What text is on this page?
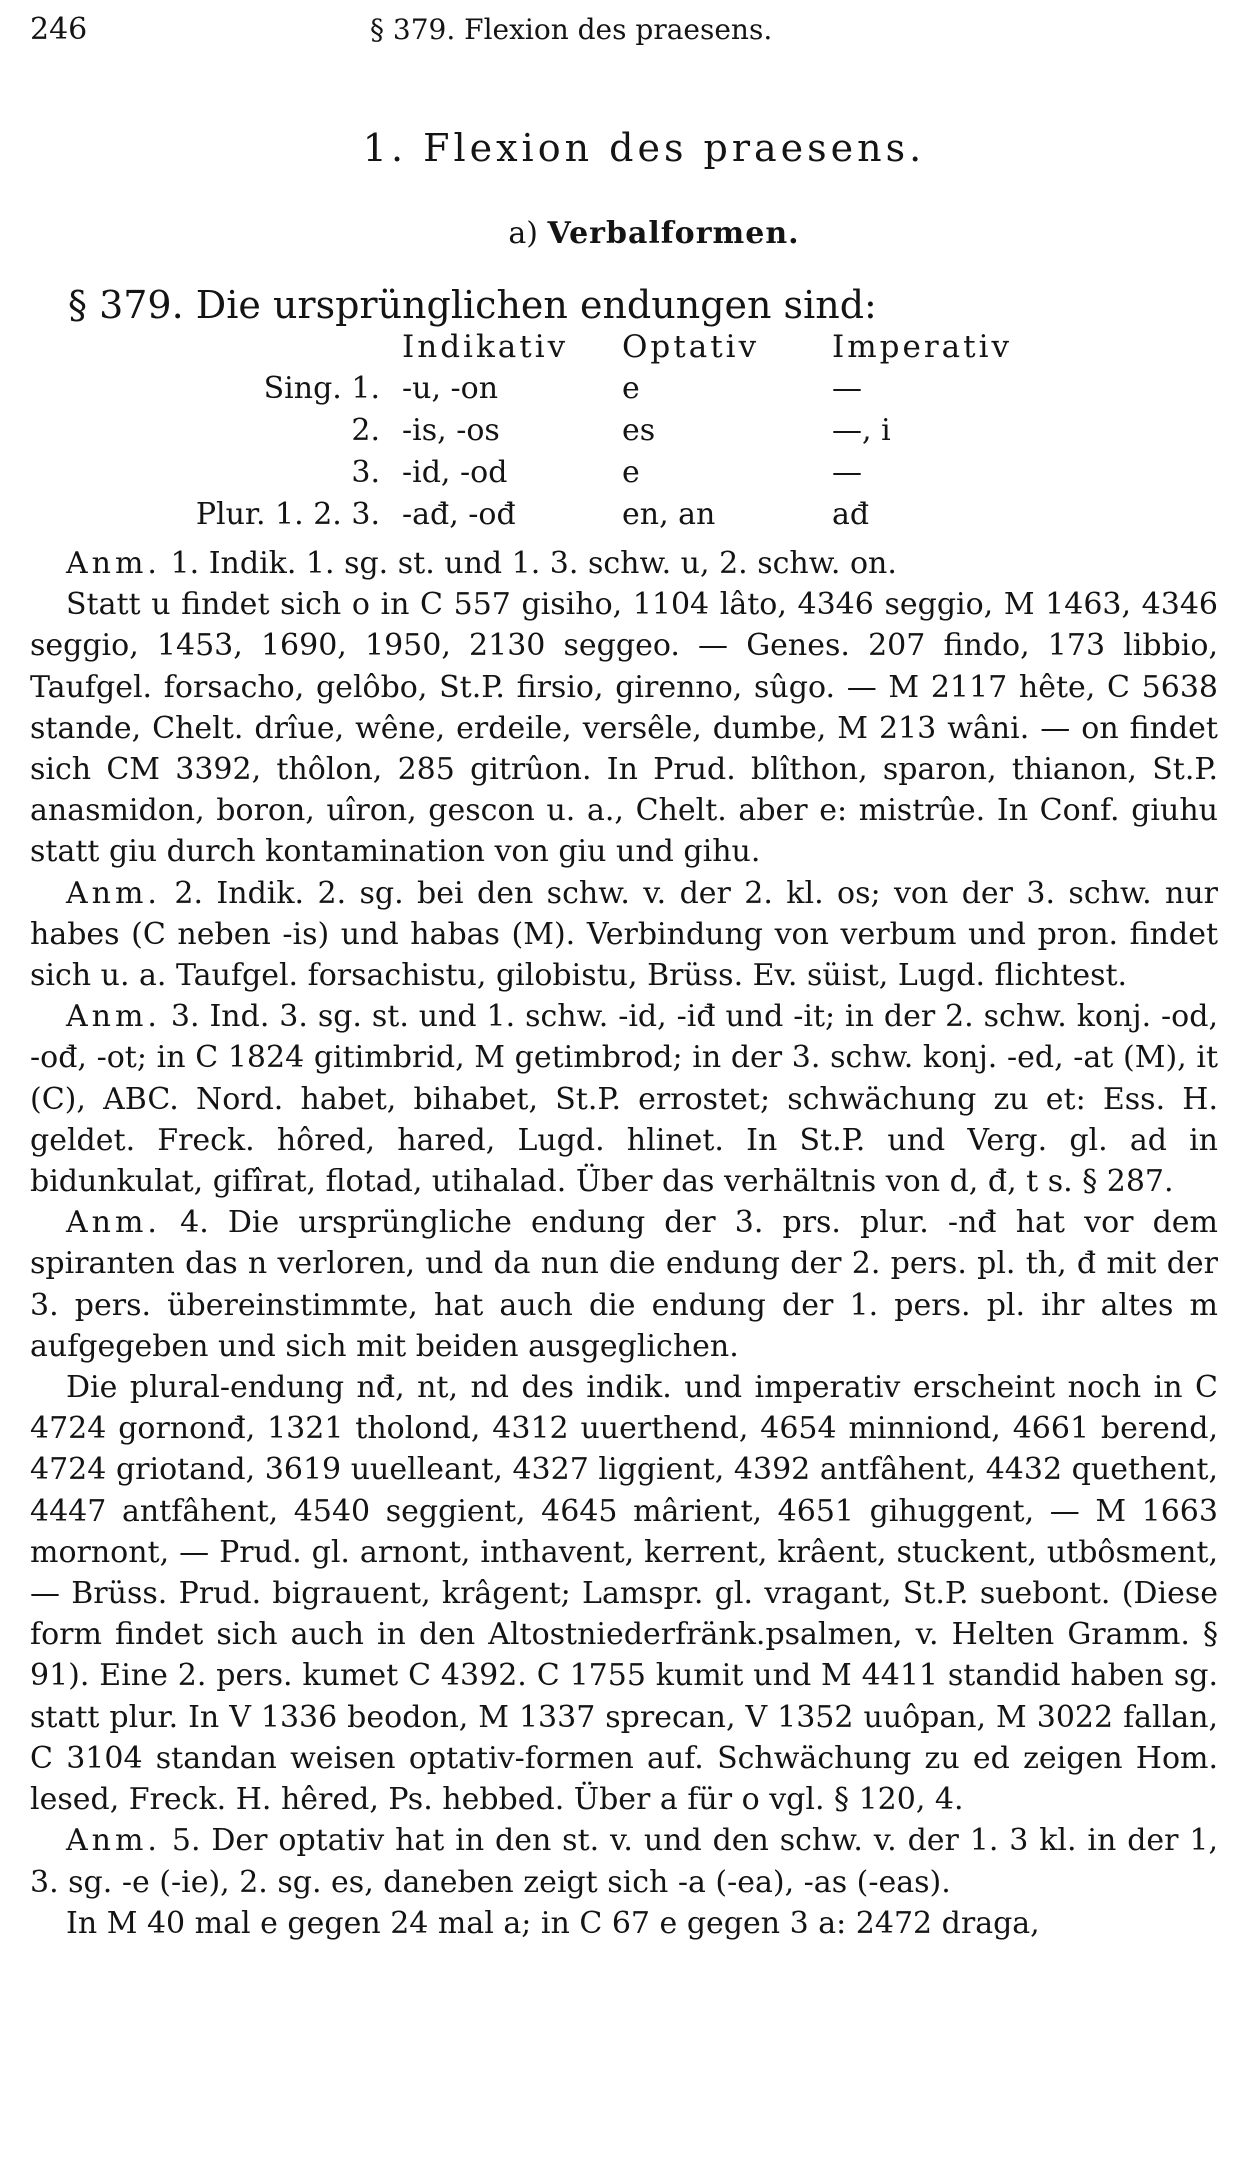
246	§ 379. Flexion des praesens.
1. Flexion des praesens.
a) Verbalformen.
§ 379. Die ursprünglichen endungen sind:
	Indikativ	Optativ	Imperativ
Sing. 1.	-u, -on	e	—
2.	-is, -os	es	—, i
3.	-id, -od	e	—
Plur. 1. 2. 3.	-ađ, -ođ	en, an	ađ

Anm. 1. Indik. 1. sg. st. und 1. 3. schw. u, 2. schw. on.

Statt u findet sich o in C 557 gisiho, 1104 lâto, 4346 seggio, M 1463, 4346 seggio, 1453, 1690, 1950, 2130 seggeo. — Genes. 207 findo, 173 libbio, Taufgel. forsacho, gelôbo, St.P. firsio, girenno, sûgo. — M 2117 hête, C 5638 stande, Chelt. drîue, wêne, erdeile, versêle, dumbe, M 213 wâni. — on findet sich CM 3392, thôlon, 285 gitrûon. In Prud. blîthon, sparon, thianon, St.P. anasmidon, boron, uîron, gescon u. a., Chelt. aber e: mistrûe. In Conf. giuhu statt giu durch kontamination von giu und gihu.

Anm. 2. Indik. 2. sg. bei den schw. v. der 2. kl. os; von der 3. schw. nur habes (C neben -is) und habas (M). Verbindung von verbum und pron. findet sich u. a. Taufgel. forsachistu, gilobistu, Brüss. Ev. süist, Lugd. flichtest.

Anm. 3. Ind. 3. sg. st. und 1. schw. -id, -iđ und -it; in der 2. schw. konj. -od, -ođ, -ot; in C 1824 gitimbrid, M getimbrod; in der 3. schw. konj. -ed, -at (M), it (C), ABC. Nord. habet, bihabet, St.P. errostet; schwächung zu et: Ess. H. geldet. Freck. hôred, hared, Lugd. hlinet. In St.P. und Verg. gl. ad in bidunkulat, gifîrat, flotad, utihalad. Über das verhältnis von d, đ, t s. § 287.

Anm. 4. Die ursprüngliche endung der 3. prs. plur. -nđ hat vor dem spiranten das n verloren, und da nun die endung der 2. pers. pl. th, đ mit der 3. pers. übereinstimmte, hat auch die endung der 1. pers. pl. ihr altes m aufgegeben und sich mit beiden ausgeglichen.

Die plural-endung nđ, nt, nd des indik. und imperativ erscheint noch in C 4724 gornonđ, 1321 tholond, 4312 uuerthend, 4654 minniond, 4661 berend, 4724 griotand, 3619 uuelleant, 4327 liggient, 4392 antfâhent, 4432 quethent, 4447 antfâhent, 4540 seggient, 4645 mârient, 4651 gihuggent, — M 1663 mornont, — Prud. gl. arnont, inthavent, kerrent, krâent, stuckent, utbôsment, — Brüss. Prud. bigrauent, krâgent; Lamspr. gl. vragant, St.P. suebont. (Diese form findet sich auch in den Altostniederfränk.psalmen, v. Helten Gramm. § 91). Eine 2. pers. kumet C 4392. C 1755 kumit und M 4411 standid haben sg. statt plur. In V 1336 beodon, M 1337 sprecan, V 1352 uuôpan, M 3022 fallan, C 3104 standan weisen optativ-formen auf. Schwächung zu ed zeigen Hom. lesed, Freck. H. hêred, Ps. hebbed. Über a für o vgl. § 120, 4.

Anm. 5. Der optativ hat in den st. v. und den schw. v. der 1. 3 kl. in der 1, 3. sg. -e (-ie), 2. sg. es, daneben zeigt sich -a (-ea), -as (-eas).

In M 40 mal e gegen 24 mal a; in C 67 e gegen 3 a: 2472 draga,
